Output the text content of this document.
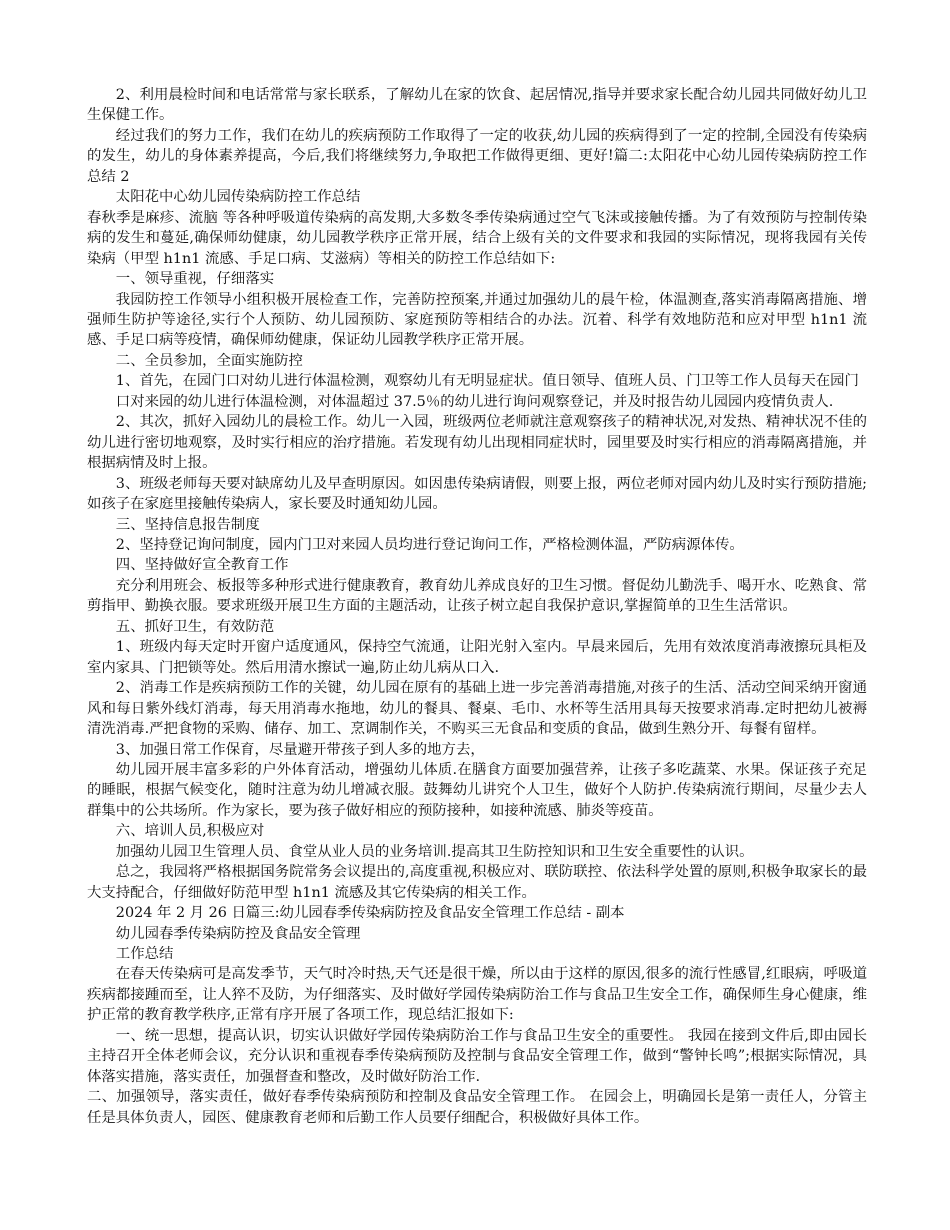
2、利用晨检时间和电话常常与家长联系，了解幼儿在家的饮食、起居情况,指导并要求家长配合幼儿园共同做好幼儿卫生保健工作。

经过我们的努力工作，我们在幼儿的疾病预防工作取得了一定的收获,幼儿园的疾病得到了一定的控制,全园没有传染病的发生，幼儿的身体素养提高，今后,我们将继续努力,争取把工作做得更细、更好!篇二:太阳花中心幼儿园传染病防控工作总结 2

太阳花中心幼儿园传染病防控工作总结

春秋季是麻疹、流脑 等各种呼吸道传染病的高发期,大多数冬季传染病通过空气飞沫或接触传播。为了有效预防与控制传染病的发生和蔓延,确保师幼健康，幼儿园教学秩序正常开展，结合上级有关的文件要求和我园的实际情况，现将我园有关传染病（甲型 h1n1 流感、手足口病、艾滋病）等相关的防控工作总结如下:

一、领导重视，仔细落实

我园防控工作领导小组积极开展检查工作，完善防控预案,并通过加强幼儿的晨午检，体温测查,落实消毒隔离措施、增强师生防护等途径,实行个人预防、幼儿园预防、家庭预防等相结合的办法。沉着、科学有效地防范和应对甲型 h1n1 流感、手足口病等疫情，确保师幼健康，保证幼儿园教学秩序正常开展。

二、全员参加，全面实施防控

1、首先，在园门口对幼儿进行体温检测，观察幼儿有无明显症状。值日领导、值班人员、门卫等工作人员每天在园门

口对来园的幼儿进行体温检测，对体温超过 37.5％的幼儿进行询问观察登记，并及时报告幼儿园园内疫情负责人.

2、其次，抓好入园幼儿的晨检工作。幼儿一入园，班级两位老师就注意观察孩子的精神状况,对发热、精神状况不佳的幼儿进行密切地观察，及时实行相应的治疗措施。若发现有幼儿出现相同症状时，园里要及时实行相应的消毒隔离措施，并根据病情及时上报。

3、班级老师每天要对缺席幼儿及早查明原因。如因患传染病请假，则要上报，两位老师对园内幼儿及时实行预防措施;如孩子在家庭里接触传染病人，家长要及时通知幼儿园。

三、坚持信息报告制度

2、坚持登记询问制度，园内门卫对来园人员均进行登记询问工作，严格检测体温，严防病源体传。

四、坚持做好宣全教育工作

充分利用班会、板报等多种形式进行健康教育，教育幼儿养成良好的卫生习惯。督促幼儿勤洗手、喝开水、吃熟食、常剪指甲、勤换衣服。要求班级开展卫生方面的主题活动，让孩子树立起自我保护意识,掌握简单的卫生生活常识。

五、抓好卫生，有效防范

1、班级内每天定时开窗户适度通风，保持空气流通，让阳光射入室内。早晨来园后，先用有效浓度消毒液擦玩具柜及室内家具、门把锁等处。然后用清水擦试一遍,防止幼儿病从口入.

2、消毒工作是疾病预防工作的关键，幼儿园在原有的基础上进一步完善消毒措施,对孩子的生活、活动空间采纳开窗通风和每日紫外线灯消毒，每天用消毒水拖地，幼儿的餐具、餐桌、毛巾、水杯等生活用具每天按要求消毒.定时把幼儿被褥清洗消毒.严把食物的采购、储存、加工、烹调制作关，不购买三无食品和变质的食品，做到生熟分开、每餐有留样。

3、加强日常工作保育，尽量避开带孩子到人多的地方去，

幼儿园开展丰富多彩的户外体育活动，增强幼儿体质.在膳食方面要加强营养，让孩子多吃蔬菜、水果。保证孩子充足的睡眠，根据气候变化，随时注意为幼儿增减衣服。鼓舞幼儿讲究个人卫生，做好个人防护.传染病流行期间，尽量少去人群集中的公共场所。作为家长，要为孩子做好相应的预防接种，如接种流感、肺炎等疫苗。

六、培训人员,积极应对

加强幼儿园卫生管理人员、食堂从业人员的业务培训.提高其卫生防控知识和卫生安全重要性的认识。

总之，我园将严格根据国务院常务会议提出的,高度重视,积极应对、联防联控、依法科学处置的原则,积极争取家长的最大支持配合，仔细做好防范甲型 h1n1 流感及其它传染病的相关工作。

2024 年 2 月 26 日篇三:幼儿园春季传染病防控及食品安全管理工作总结 - 副本

幼儿园春季传染病防控及食品安全管理

工作总结

在春天传染病可是高发季节，天气时冷时热,天气还是很干燥，所以由于这样的原因,很多的流行性感冒,红眼病，呼吸道疾病都接踵而至，让人猝不及防，为仔细落实、及时做好学园传染病防治工作与食品卫生安全工作，确保师生身心健康，维护正常的教育教学秩序,正常有序开展了各项工作，现总结汇报如下:

一、统一思想，提高认识，切实认识做好学园传染病防治工作与食品卫生安全的重要性。 我园在接到文件后,即由园长主持召开全体老师会议，充分认识和重视春季传染病预防及控制与食品安全管理工作，做到“警钟长鸣”;根据实际情况，具体落实措施，落实责任，加强督查和整改，及时做好防治工作.

二、加强领导，落实责任，做好春季传染病预防和控制及食品安全管理工作。 在园会上，明确园长是第一责任人，分管主任是具体负责人，园医、健康教育老师和后勤工作人员要仔细配合，积极做好具体工作。
